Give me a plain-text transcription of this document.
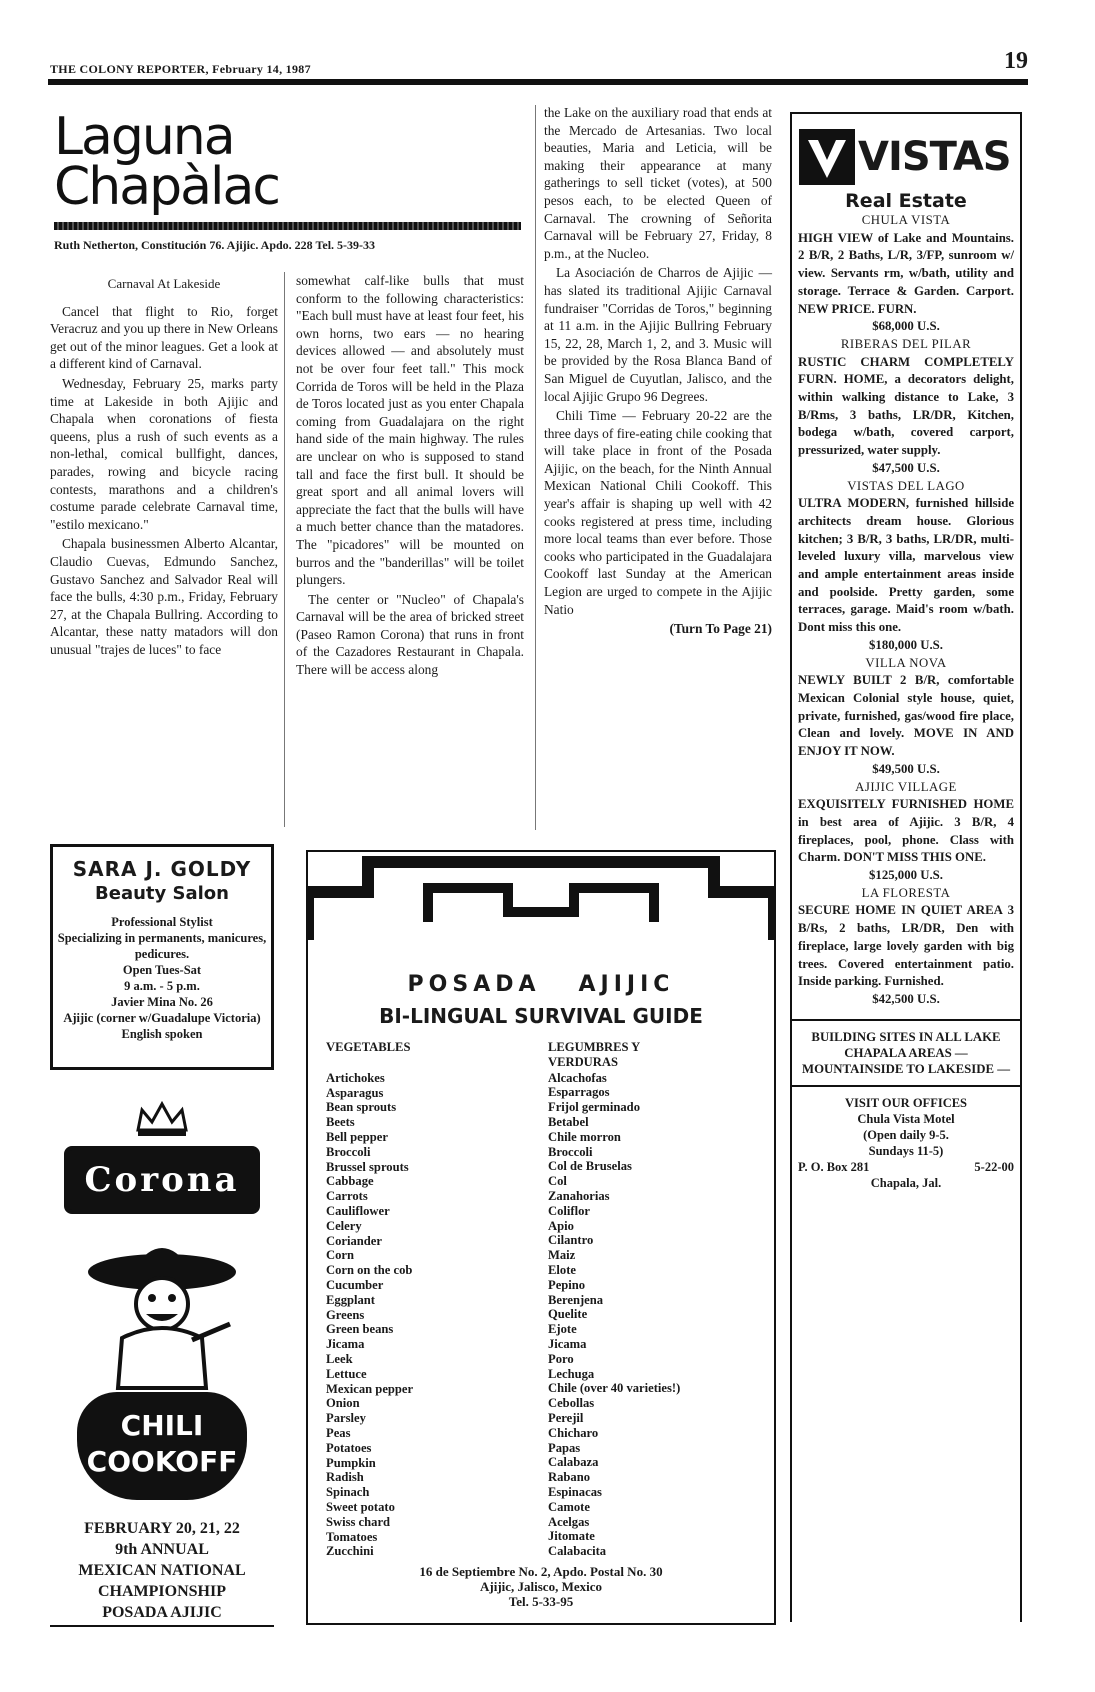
THE COLONY REPORTER, February 14, 1987	19
Laguna
Chapàlac
Ruth Netherton, Constitución 76. Ajijic. Apdo. 228 Tel. 5-39-33
Carnaval At Lakeside

Cancel that flight to Rio, forget Veracruz and you up there in New Orleans get out of the minor leagues. Get a look at a different kind of Carnaval.

Wednesday, February 25, marks party time at Lakeside in both Ajijic and Chapala when coronations of fiesta queens, plus a rush of such events as a non-lethal, comical bullfight, dances, parades, rowing and bicycle racing contests, marathons and a children's costume parade celebrate Carnaval time, "estilo mexicano."

Chapala businessmen Alberto Alcantar, Claudio Cuevas, Edmundo Sanchez, Gustavo Sanchez and Salvador Real will face the bulls, 4:30 p.m., Friday, February 27, at the Chapala Bullring. According to Alcantar, these natty matadors will don unusual "trajes de luces" to face

somewhat calf-like bulls that must conform to the following characteristics: "Each bull must have at least four feet, his own horns, two ears — no hearing devices allowed — and absolutely must not be over four feet tall." This mock Corrida de Toros will be held in the Plaza de Toros located just as you enter Chapala coming from Guadalajara on the right hand side of the main highway. The rules are unclear on who is supposed to stand tall and face the first bull. It should be great sport and all animal lovers will appreciate the fact that the bulls will have a much better chance than the matadores. The "picadores" will be mounted on burros and the "banderillas" will be toilet plungers.

The center or "Nucleo" of Chapala's Carnaval will be the area of bricked street (Paseo Ramon Corona) that runs in front of the Cazadores Restaurant in Chapala. There will be access along

the Lake on the auxiliary road that ends at the Mercado de Artesanias. Two local beauties, Maria and Leticia, will be making their appearance at many gatherings to sell ticket (votes), at 500 pesos each, to be elected Queen of Carnaval. The crowning of Señorita Carnaval will be February 27, Friday, 8 p.m., at the Nucleo.

La Asociación de Charros de Ajijic — has slated its traditional Ajijic Carnaval fundraiser "Corridas de Toros," beginning at 11 a.m. in the Ajijic Bullring February 15, 22, 28, March 1, 2, and 3. Music will be provided by the Rosa Blanca Band of San Miguel de Cuyutlan, Jalisco, and the local Ajijic Grupo 96 Degrees.

Chili Time — February 20-22 are the three days of fire-eating chile cooking that will take place in front of the Posada Ajijic, on the beach, for the Ninth Annual Mexican National Chili Cookoff. This year's affair is shaping up well with 42 cooks registered at press time, including more local teams than ever before. Those cooks who participated in the Guadalajara Cookoff last Sunday at the American Legion are urged to compete in the Ajijic Natio

(Turn To Page 21)
SARA J. GOLDY
Beauty Salon
Professional Stylist
Specializing in permanents, manicures, pedicures.
Open Tues-Sat
9 a.m. - 5 p.m.
Javier Mina No. 26
Ajijic (corner w/Guadalupe Victoria)
English spoken
Corona
CHILI
COOKOFF
FEBRUARY 20, 21, 22
9th ANNUAL
MEXICAN NATIONAL
CHAMPIONSHIP
POSADA AJIJIC
POSADA   AJIJIC
BI-LINGUAL SURVIVAL GUIDE
VEGETABLES
Artichokes
Asparagus
Bean sprouts
Beets
Bell pepper
Broccoli
Brussel sprouts
Cabbage
Carrots
Cauliflower
Celery
Coriander
Corn
Corn on the cob
Cucumber
Eggplant
Greens
Green beans
Jicama
Leek
Lettuce
Mexican pepper
Onion
Parsley
Peas
Potatoes
Pumpkin
Radish
Spinach
Sweet potato
Swiss chard
Tomatoes
Zucchini
LEGUMBRES Y
VERDURAS
Alcachofas
Esparragos
Frijol germinado
Betabel
Chile morron
Broccoli
Col de Bruselas
Col
Zanahorias
Coliflor
Apio
Cilantro
Maiz
Elote
Pepino
Berenjena
Quelite
Ejote
Jicama
Poro
Lechuga
Chile (over 40 varieties!)
Cebollas
Perejil
Chicharo
Papas
Calabaza
Rabano
Espinacas
Camote
Acelgas
Jitomate
Calabacita
16 de Septiembre No. 2, Apdo. Postal No. 30
Ajijic, Jalisco, Mexico
Tel. 5-33-95
VISTAS
Real Estate

CHULA VISTA

HIGH VIEW of Lake and Mountains. 2 B/R, 2 Baths, L/R, 3/FP, sunroom w/ view. Servants rm, w/bath, utility and storage. Terrace & Garden. Carport. NEW PRICE. FURN.

$68,000 U.S.

RIBERAS DEL PILAR

RUSTIC CHARM COMPLETELY FURN. HOME, a decorators delight, within walking distance to Lake, 3 B/Rms, 3 baths, LR/DR, Kitchen, bodega w/bath, covered carport, pressurized, water supply.

$47,500 U.S.

VISTAS DEL LAGO

ULTRA MODERN, furnished hillside architects dream house. Glorious kitchen; 3 B/R, 3 baths, LR/DR, multi-leveled luxury villa, marvelous view and ample entertainment areas inside and poolside. Pretty garden, some terraces, garage. Maid's room w/bath. Dont miss this one.

$180,000 U.S.

VILLA NOVA

NEWLY BUILT 2 B/R, comfortable Mexican Colonial style house, quiet, private, furnished, gas/wood fire place, Clean and lovely. MOVE IN AND ENJOY IT NOW.

$49,500 U.S.

AJIJIC VILLAGE

EXQUISITELY FURNISHED HOME in best area of Ajijic. 3 B/R, 4 fireplaces, pool, phone. Class with Charm. DON'T MISS THIS ONE.

$125,000 U.S.

LA FLORESTA

SECURE HOME IN QUIET AREA 3 B/Rs, 2 baths, LR/DR, Den with fireplace, large lovely garden with big trees. Covered entertainment patio. Inside parking. Furnished.

$42,500 U.S.

BUILDING SITES IN ALL LAKE CHAPALA AREAS — MOUNTAINSIDE TO LAKESIDE —
VISIT OUR OFFICES
Chula Vista Motel
(Open daily 9-5.
Sundays 11-5)
P. O. Box 281	5-22-00
Chapala, Jal.
